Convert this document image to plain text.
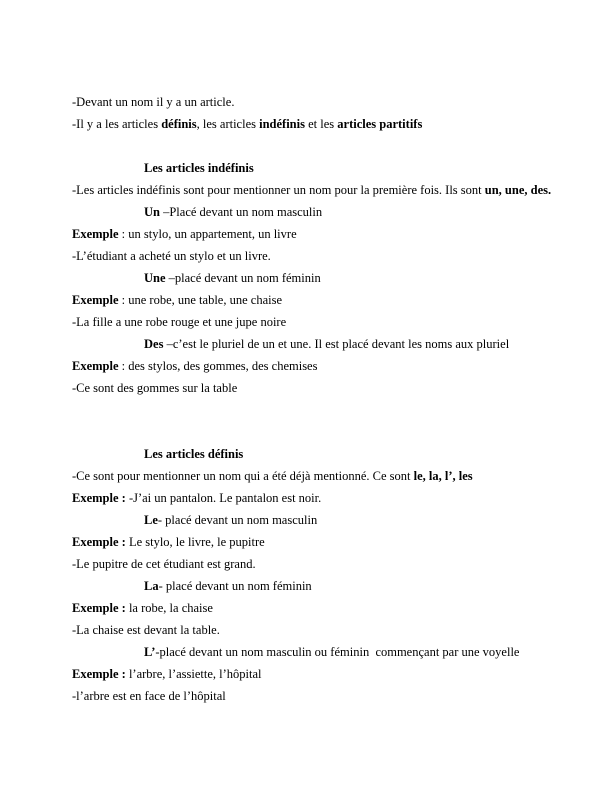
-Devant un nom il y a un article.

-Il y a les articles définis, les articles indéfinis et les articles partitifs

Les articles indéfinis

-Les articles indéfinis sont pour mentionner un nom pour la première fois. Ils sont un, une, des.

Un –Placé devant un nom masculin

Exemple : un stylo, un appartement, un livre

-L’étudiant a acheté un stylo et un livre.

Une –placé devant un nom féminin

Exemple : une robe, une table, une chaise

-La fille a une robe rouge et une jupe noire

Des –c’est le pluriel de un et une. Il est placé devant les noms aux pluriel

Exemple : des stylos, des gommes, des chemises

-Ce sont des gommes sur la table

Les articles définis

-Ce sont pour mentionner un nom qui a été déjà mentionné. Ce sont le, la, l’, les

Exemple : -J’ai un pantalon. Le pantalon est noir.

Le- placé devant un nom masculin

Exemple : Le stylo, le livre, le pupitre

-Le pupitre de cet étudiant est grand.

La- placé devant un nom féminin

Exemple : la robe, la chaise

-La chaise est devant la table.

L’-placé devant un nom masculin ou féminin  commençant par une voyelle

Exemple : l’arbre, l’assiette, l’hôpital

-l’arbre est en face de l’hôpital
